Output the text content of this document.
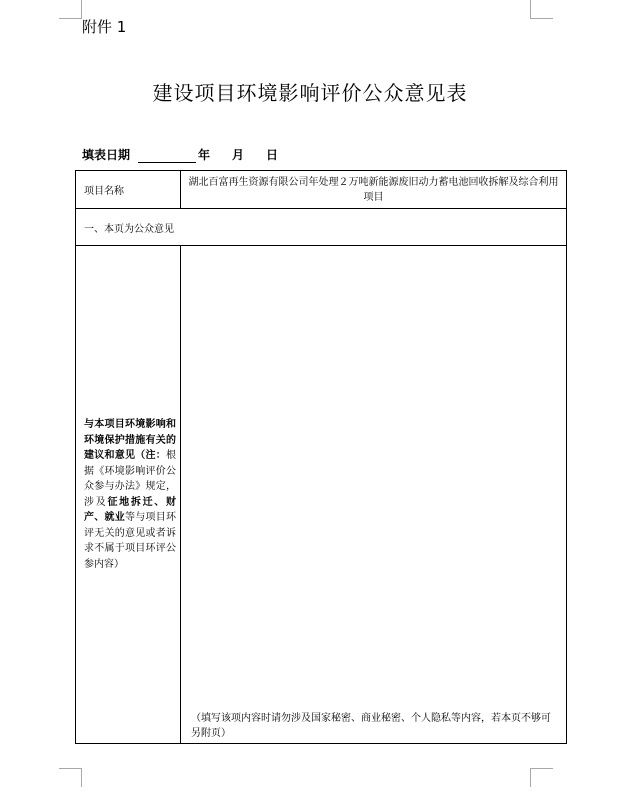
附件 1
建设项目环境影响评价公众意见表
填表日期	年 月 日
项目名称	湖北百富再生资源有限公司年处理２万吨新能源废旧动力蓄电池回收拆解及综合利用项目
一、本页为公众意见	
与本项目环境影响和环境保护措施有关的建议和意见（注：根据《环境影响评价公众参与办法》规定，涉及征地拆迁、财产、就业等与项目环评无关的意见或者诉求不属于项目环评公参内容）	（填写该项内容时请勿涉及国家秘密、商业秘密、个人隐私等内容，若本页不够可另附页）
